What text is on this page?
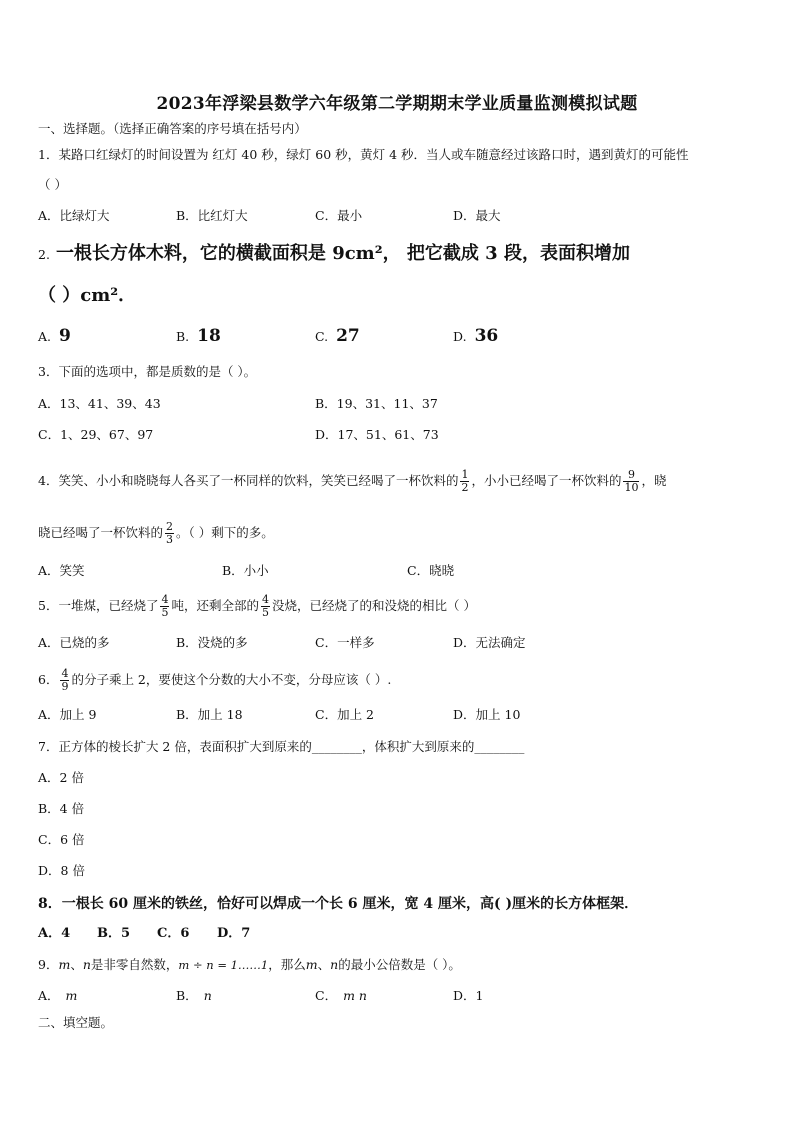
2023年浮梁县数学六年级第二学期期末学业质量监测模拟试题
一、选择题。（选择正确答案的序号填在括号内）
1．某路口红绿灯的时间设置为 红灯 40 秒，绿灯 60 秒，黄灯 4 秒．当人或车随意经过该路口时，遇到黄灯的可能性
（ ）
A．比绿灯大	B．比红灯大	C．最小	D．最大
2. 一根长方体木料，它的横截面积是 9cm²， 把它截成 3 段，表面积增加
（ ）cm²．
A. 9	B. 18	C. 27	D. 36
3．下面的选项中，都是质数的是（ ）。
A．13、41、39、43	B．19、31、11、37
C．1、29、67、97	D．17、51、61、73
4．笑笑、小小和晓晓每人各买了一杯同样的饮料，笑笑已经喝了一杯饮料的 $\frac{1}{2}$ ，小小已经喝了一杯饮料的 $\frac{9}{10}$ ，晓
晓已经喝了一杯饮料的 $\frac{2}{3}$ 。（ ）剩下的多。
A．笑笑	B．小小	C．晓晓
5．一堆煤，已经烧了 $\frac{4}{5}$ 吨，还剩全部的 $\frac{4}{5}$ 没烧，已经烧了的和没烧的相比（ ）
A．已烧的多	B．没烧的多	C．一样多	D．无法确定
6． $\frac{4}{9}$ 的分子乘上 2，要使这个分数的大小不变，分母应该（ ）.
A．加上 9	B．加上 18	C．加上 2	D．加上 10
7．正方体的棱长扩大 2 倍，表面积扩大到原来的________，体积扩大到原来的________
A．2 倍
B．4 倍
C．6 倍
D．8 倍
8．一根长 60 厘米的铁丝，恰好可以焊成一个长 6 厘米，宽 4 厘米，高( )厘米的长方体框架．
A．4 B．5 C．6 D．7
9．m、n是非零自然数，m ÷ n = 1……1，那么m、n的最小公倍数是（ ）。
A． m	B． n	C． m n	D．1
二、填空题。
